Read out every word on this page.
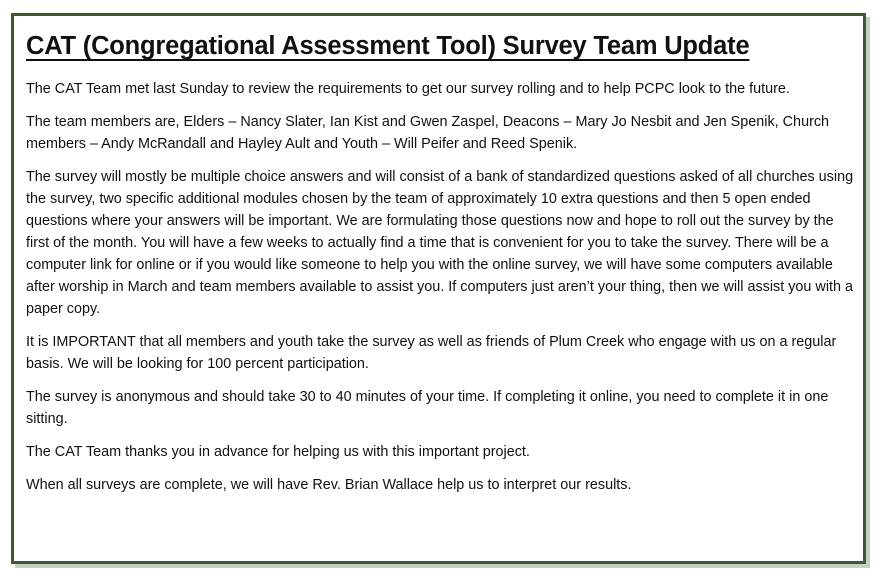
CAT (Congregational Assessment Tool) Survey Team Update

The CAT Team met last Sunday to review the requirements to get our survey rolling and to help PCPC look to the future.

The team members are, Elders – Nancy Slater, Ian Kist and Gwen Zaspel, Deacons – Mary Jo Nesbit and Jen Spenik, Church members – Andy McRandall and Hayley Ault and Youth – Will Peifer and Reed Spenik.

The survey will mostly be multiple choice answers and will consist of a bank of standardized questions asked of all churches using the survey, two specific additional modules chosen by the team of approximately 10 extra questions and then 5 open ended questions where your answers will be important. We are formulating those questions now and hope to roll out the survey by the first of the month. You will have a few weeks to actually find a time that is convenient for you to take the survey. There will be a computer link for online or if you would like someone to help you with the online survey, we will have some computers available after worship in March and team members available to assist you. If computers just aren’t your thing, then we will assist you with a paper copy.

It is IMPORTANT that all members and youth take the survey as well as friends of Plum Creek who engage with us on a regular basis. We will be looking for 100 percent participation.

The survey is anonymous and should take 30 to 40 minutes of your time. If completing it online, you need to complete it in one sitting.

The CAT Team thanks you in advance for helping us with this important project.

When all surveys are complete, we will have Rev. Brian Wallace help us to interpret our results.
